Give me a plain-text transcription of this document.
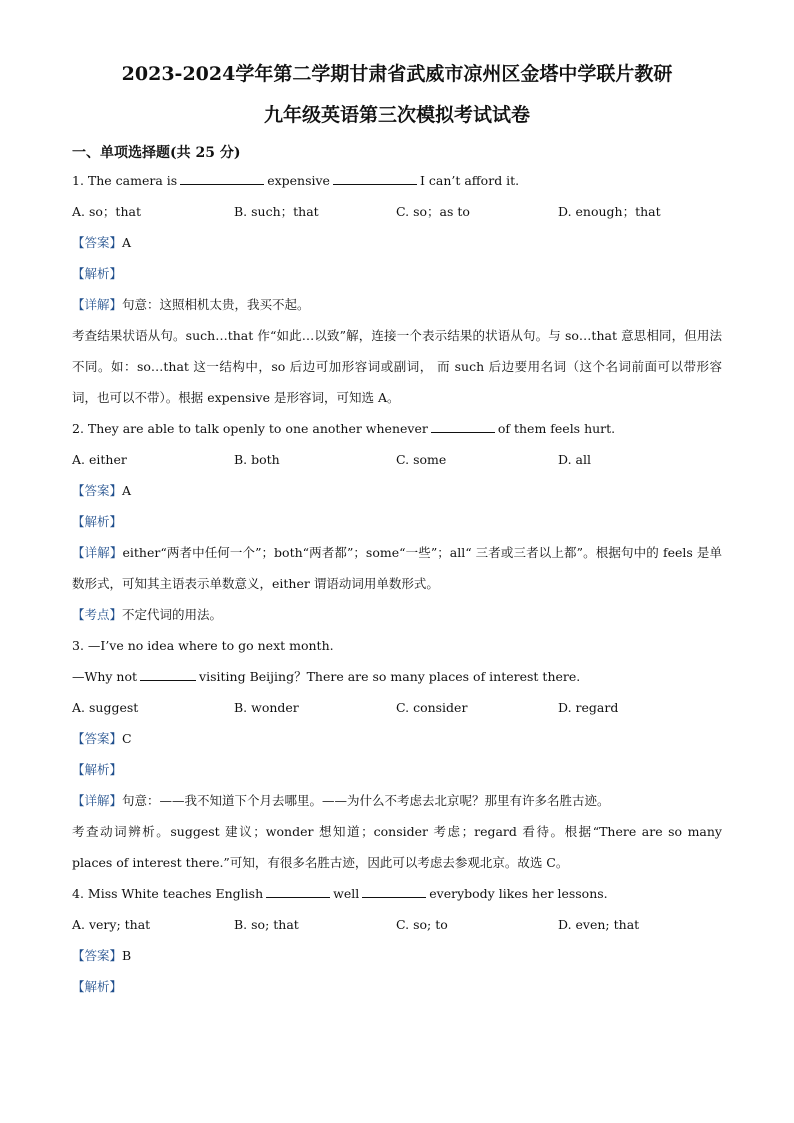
2023-2024学年第二学期甘肃省武威市凉州区金塔中学联片教研

九年级英语第三次模拟考试试卷

一、单项选择题(共 25 分)
1. The camera is	expensive	I can’t afford it.
A. so；that	B. such；that	C. so；as to	D. enough；that
【答案】A
【解析】
【详解】句意：这照相机太贵，我买不起。
考查结果状语从句。such…that 作“如此…以致”解，连接一个表示结果的状语从句。与 so…that 意思相同，但用法不同。如：so…that 这一结构中，so 后边可加形容词或副词， 而 such 后边要用名词（这个名词前面可以带形容词，也可以不带）。根据 expensive 是形容词，可知选 A。
2. They are able to talk openly to one another whenever	of them feels hurt.
A. either	B. both	C. some	D. all
【答案】A
【解析】
【详解】either“两者中任何一个”；both“两者都”；some“一些”；all“ 三者或三者以上都”。根据句中的 feels 是单数形式，可知其主语表示单数意义，either 谓语动词用单数形式。
【考点】不定代词的用法。
3. —I’ve no idea where to go next month.
—Why not	visiting Beijing？There are so many places of interest there.
A. suggest	B. wonder	C. consider	D. regard
【答案】C
【解析】
【详解】句意：——我不知道下个月去哪里。——为什么不考虑去北京呢？那里有许多名胜古迹。
考查动词辨析。suggest 建议；wonder 想知道；consider 考虑；regard 看待。根据“There are so many places of interest there.”可知，有很多名胜古迹，因此可以考虑去参观北京。故选 C。
4. Miss White teaches English	well	everybody likes her lessons.
A. very; that	B. so; that	C. so; to	D. even; that
【答案】B
【解析】
